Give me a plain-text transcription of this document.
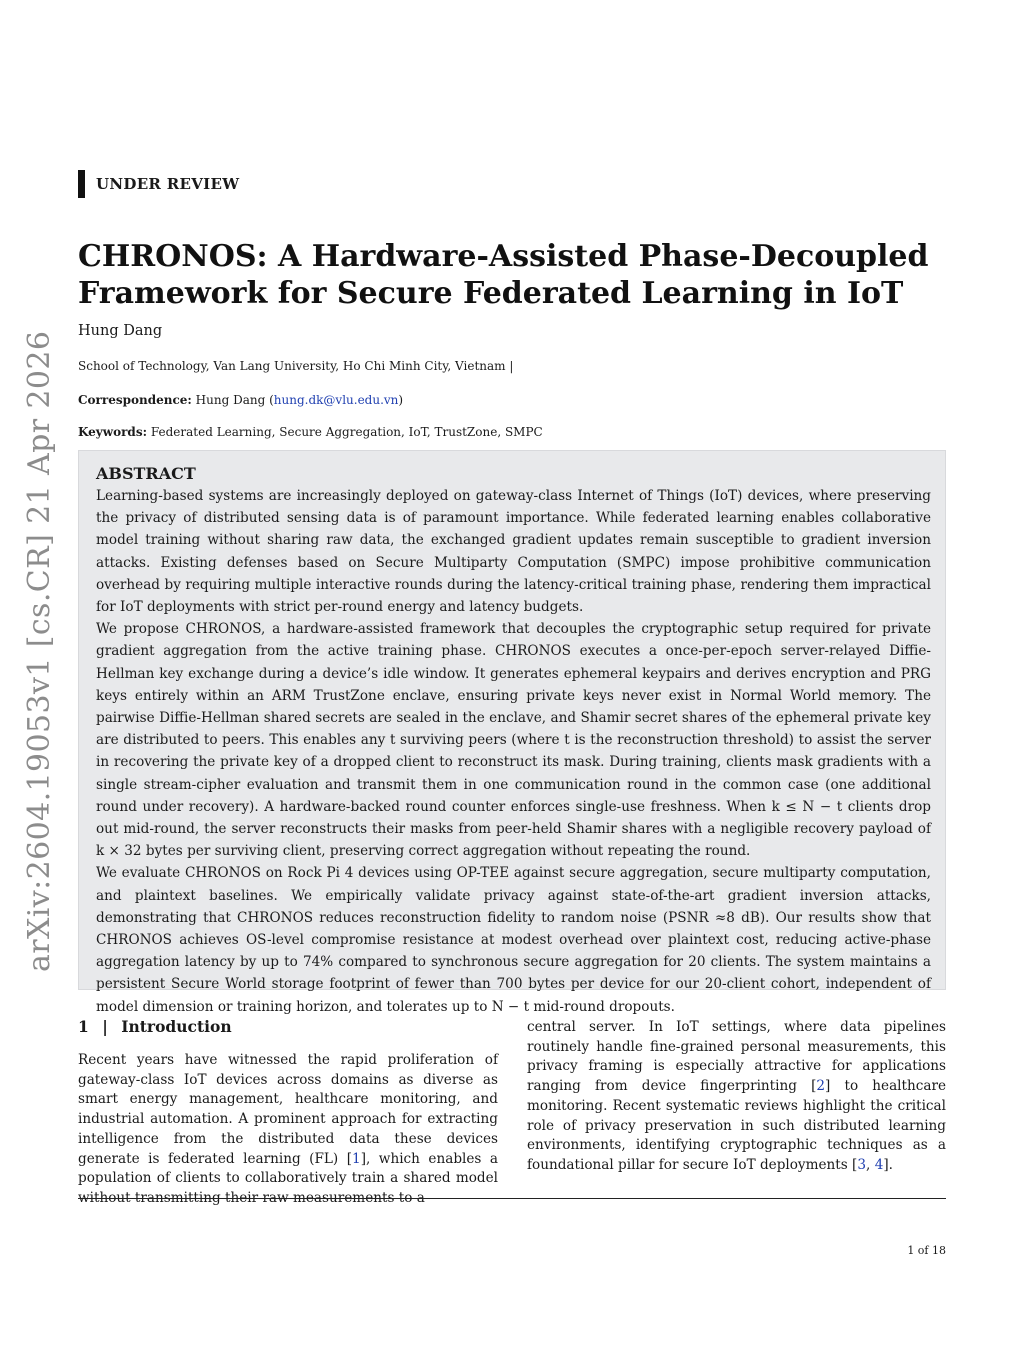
UNDER REVIEW
CHRONOS: A Hardware-Assisted Phase-Decoupled Framework for Secure Federated Learning in IoT
Hung Dang
School of Technology, Van Lang University, Ho Chi Minh City, Vietnam |
Correspondence: Hung Dang (hung.dk@vlu.edu.vn)
Keywords: Federated Learning, Secure Aggregation, IoT, TrustZone, SMPC
ABSTRACT

Learning-based systems are increasingly deployed on gateway-class Internet of Things (IoT) devices, where preserving the privacy of distributed sensing data is of paramount importance. While federated learning enables collaborative model training without sharing raw data, the exchanged gradient updates remain susceptible to gradient inversion attacks. Existing defenses based on Secure Multiparty Computation (SMPC) impose prohibitive communication overhead by requiring multiple interactive rounds during the latency-critical training phase, rendering them impractical for IoT deployments with strict per-round energy and latency budgets.

We propose CHRONOS, a hardware-assisted framework that decouples the cryptographic setup required for private gradient aggregation from the active training phase. CHRONOS executes a once-per-epoch server-relayed Diffie-Hellman key exchange during a device’s idle window. It generates ephemeral keypairs and derives encryption and PRG keys entirely within an ARM TrustZone enclave, ensuring private keys never exist in Normal World memory. The pairwise Diffie-Hellman shared secrets are sealed in the enclave, and Shamir secret shares of the ephemeral private key are distributed to peers. This enables any t surviving peers (where t is the reconstruction threshold) to assist the server in recovering the private key of a dropped client to reconstruct its mask. During training, clients mask gradients with a single stream-cipher evaluation and transmit them in one communication round in the common case (one additional round under recovery). A hardware-backed round counter enforces single-use freshness. When k ≤ N − t clients drop out mid-round, the server reconstructs their masks from peer-held Shamir shares with a negligible recovery payload of k × 32 bytes per surviving client, preserving correct aggregation without repeating the round.

We evaluate CHRONOS on Rock Pi 4 devices using OP-TEE against secure aggregation, secure multiparty computation, and plaintext baselines. We empirically validate privacy against state-of-the-art gradient inversion attacks, demonstrating that CHRONOS reduces reconstruction fidelity to random noise (PSNR ≈8 dB). Our results show that CHRONOS achieves OS-level compromise resistance at modest overhead over plaintext cost, reducing active-phase aggregation latency by up to 74% compared to synchronous secure aggregation for 20 clients. The system maintains a persistent Secure World storage footprint of fewer than 700 bytes per device for our 20-client cohort, independent of model dimension or training horizon, and tolerates up to N − t mid-round dropouts.

arXiv:2604.19053v1 [cs.CR] 21 Apr 2026
1 | Introduction

Recent years have witnessed the rapid proliferation of gateway-class IoT devices across domains as diverse as smart energy management, healthcare monitoring, and industrial automation. A prominent approach for extracting intelligence from the distributed data these devices generate is federated learning (FL) [1], which enables a population of clients to collaboratively train a shared model without transmitting their raw measurements to a

central server. In IoT settings, where data pipelines routinely handle fine-grained personal measurements, this privacy framing is especially attractive for applications ranging from device fingerprinting [2] to healthcare monitoring. Recent systematic reviews highlight the critical role of privacy preservation in such distributed learning environments, identifying cryptographic techniques as a foundational pillar for secure IoT deployments [3, 4].

1 of 18
